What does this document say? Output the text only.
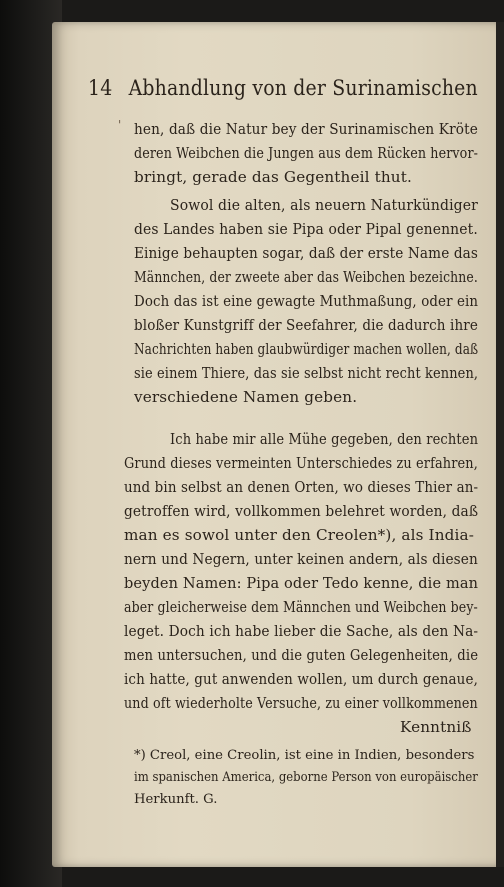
14 Abhandlung von der Surinamischen
' hen, daß die Natur bey der Surinamischen Kröte
deren Weibchen die Jungen aus dem Rücken hervor-
bringt, gerade das Gegentheil thut.
Sowol die alten, als neuern Naturkündiger
des Landes haben sie Pipa oder Pipal genennet.
Einige behaupten sogar, daß der erste Name das
Männchen, der zweete aber das Weibchen bezeichne.
Doch das ist eine gewagte Muthmaßung, oder ein
bloßer Kunstgriff der Seefahrer, die dadurch ihre
Nachrichten haben glaubwürdiger machen wollen, daß
sie einem Thiere, das sie selbst nicht recht kennen,
verschiedene Namen geben.
Ich habe mir alle Mühe gegeben, den rechten
Grund dieses vermeinten Unterschiedes zu erfahren,
und bin selbst an denen Orten, wo dieses Thier an-
getroffen wird, vollkommen belehret worden, daß
man es sowol unter den Creolen*), als India-
nern und Negern, unter keinen andern, als diesen
beyden Namen: Pipa oder Tedo kenne, die man
aber gleicherweise dem Männchen und Weibchen bey-
leget. Doch ich habe lieber die Sache, als den Na-
men untersuchen, und die guten Gelegenheiten, die
ich hatte, gut anwenden wollen, um durch genaue,
und oft wiederholte Versuche, zu einer vollkommenen
Kenntniß
*) Creol, eine Creolin, ist eine in Indien, besonders
im spanischen America, geborne Person von europäischer
Herkunft. G.
